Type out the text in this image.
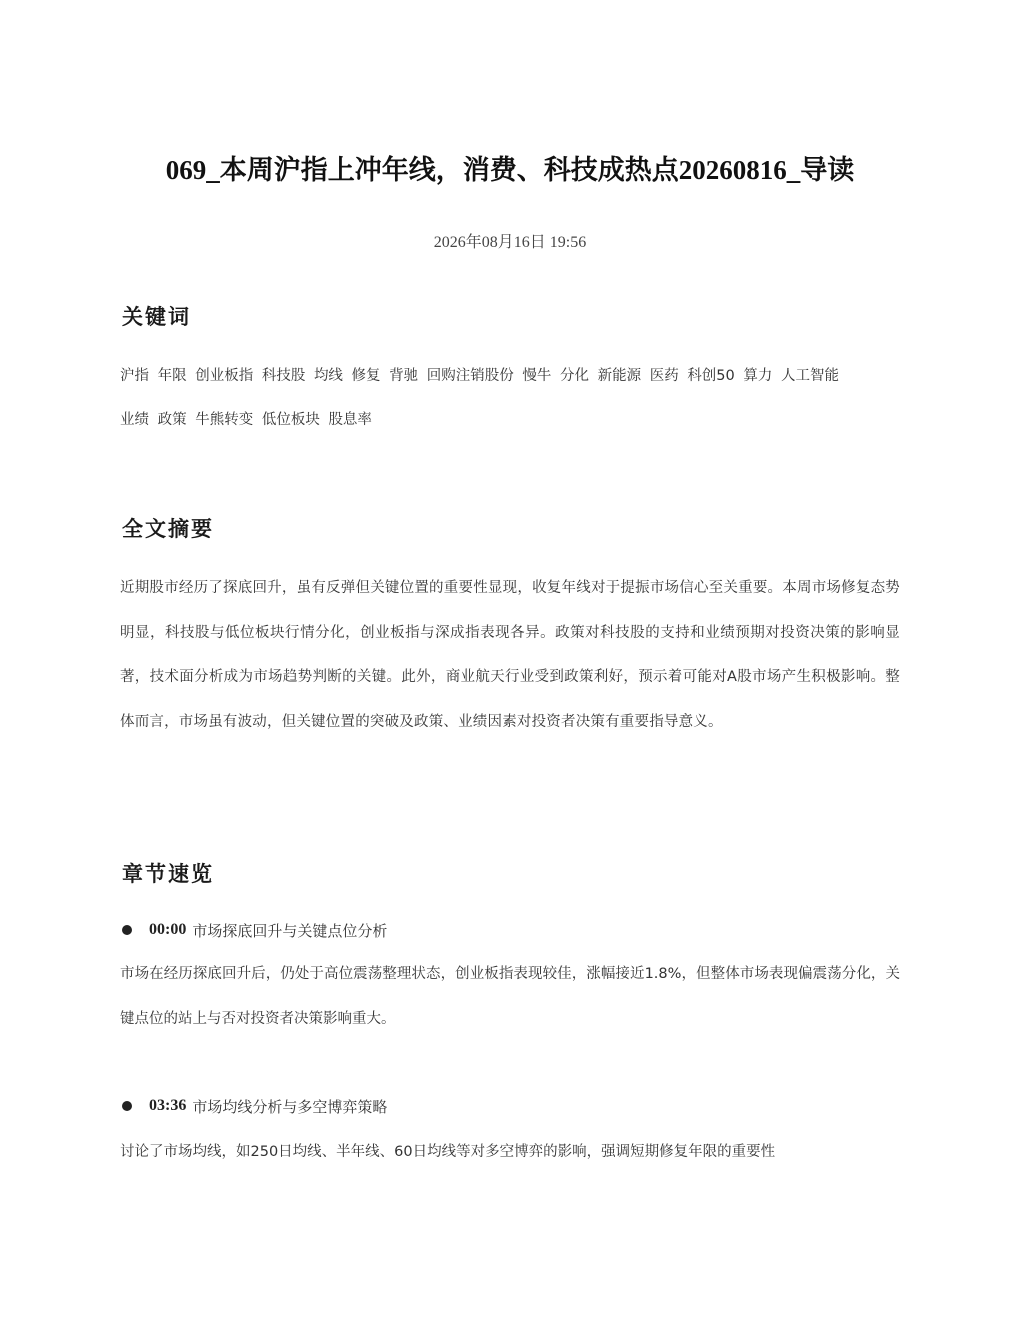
069_本周沪指上冲年线，消费、科技成热点20260816_导读
2026年08月16日 19:56
关键词
沪指 年限 创业板指 科技股 均线 修复 背驰 回购注销股份 慢牛 分化 新能源 医药 科创50 算力 人工智能
业绩 政策 牛熊转变 低位板块 股息率
全文摘要
近期股市经历了探底回升，虽有反弹但关键位置的重要性显现，收复年线对于提振市场信心至关重要。本周市场修复态势明显，科技股与低位板块行情分化，创业板指与深成指表现各异。政策对科技股的支持和业绩预期对投资决策的影响显著，技术面分析成为市场趋势判断的关键。此外，商业航天行业受到政策利好，预示着可能对A股市场产生积极影响。整体而言，市场虽有波动，但关键位置的突破及政策、业绩因素对投资者决策有重要指导意义。
章节速览
00:00 市场探底回升与关键点位分析
市场在经历探底回升后，仍处于高位震荡整理状态，创业板指表现较佳，涨幅接近1.8%，但整体市场表现偏震荡分化，关键点位的站上与否对投资者决策影响重大。
03:36 市场均线分析与多空博弈策略
讨论了市场均线，如250日均线、半年线、60日均线等对多空博弈的影响，强调短期修复年限的重要性
